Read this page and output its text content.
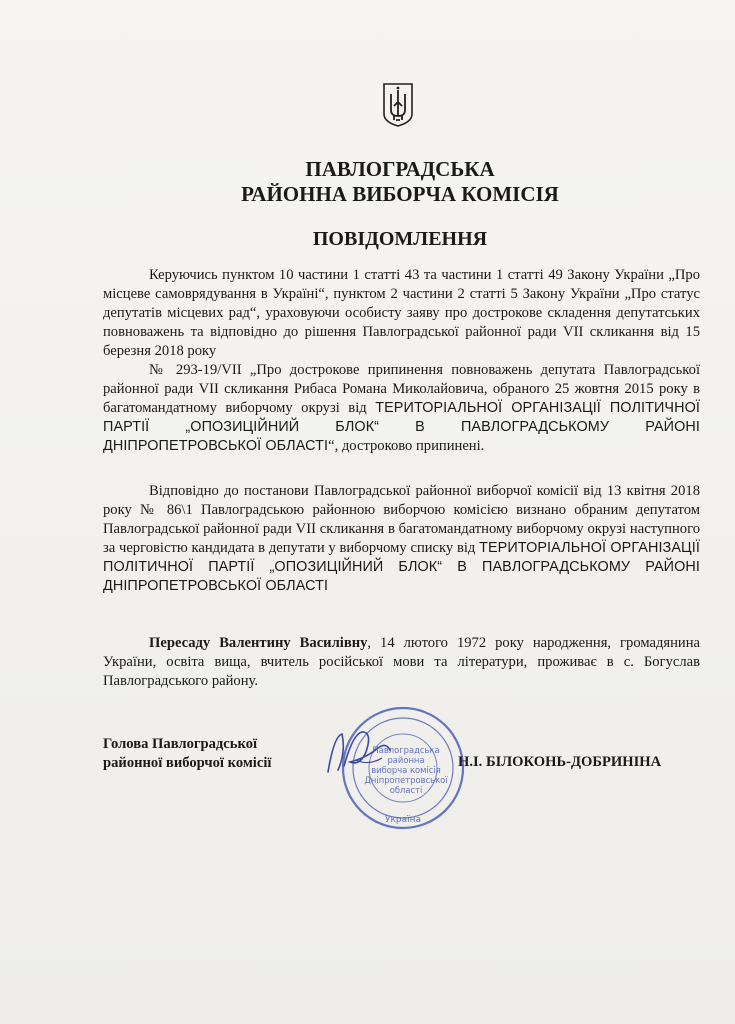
ПАВЛОГРАДСЬКА
РАЙОННА ВИБОРЧА КОМІСІЯ
ПОВІДОМЛЕННЯ
Керуючись пунктом 10 частини 1 статті 43 та частини 1 статті 49 Закону України „Про місцеве самоврядування в Україні“, пунктом 2 частини 2 статті 5 Закону України „Про статус депутатів місцевих рад“, ураховуючи особисту заяву про дострокове складення депутатських повноважень та відповідно до рішення Павлоградської районної ради VII скликання від 15 березня 2018 року
№ 293-19/VII „Про дострокове припинення повноважень депутата Павлоградської районної ради VII скликання Рибаса Романа Миколайовича, обраного 25 жовтня 2015 року в багатомандатному виборчому окрузі від ТЕРИТОРІАЛЬНОЇ ОРГАНІЗАЦІЇ ПОЛІТИЧНОЇ ПАРТІЇ „ОПОЗИЦІЙНИЙ БЛОК“ В ПАВЛОГРАДСЬКОМУ РАЙОНІ ДНІПРОПЕТРОВСЬКОЇ ОБЛАСТІ“, достроково припинені.
Відповідно до постанови Павлоградської районної виборчої комісії від 13 квітня 2018 року № 86\1 Павлоградською районною виборчою комісією визнано обраним депутатом Павлоградської районної ради VII скликання в багатомандатному виборчому окрузі наступного за черговістю кандидата в депутати у виборчому списку від ТЕРИТОРІАЛЬНОЇ ОРГАНІЗАЦІЇ ПОЛІТИЧНОЇ ПАРТІЇ „ОПОЗИЦІЙНИЙ БЛОК“ В ПАВЛОГРАДСЬКОМУ РАЙОНІ ДНІПРОПЕТРОВСЬКОЇ ОБЛАСТІ
Пересаду Валентину Василівну, 14 лютого 1972 року народження, громадянина України, освіта вища, вчитель російської мови та літератури, проживає в с. Богуслав Павлоградського району.
Голова Павлоградської
районної виборчої комісії
Павлоградська
районна
виборча комісія
Дніпропетровської
області
Україна
Н.І. БІЛОКОНЬ-ДОБРИНІНА
